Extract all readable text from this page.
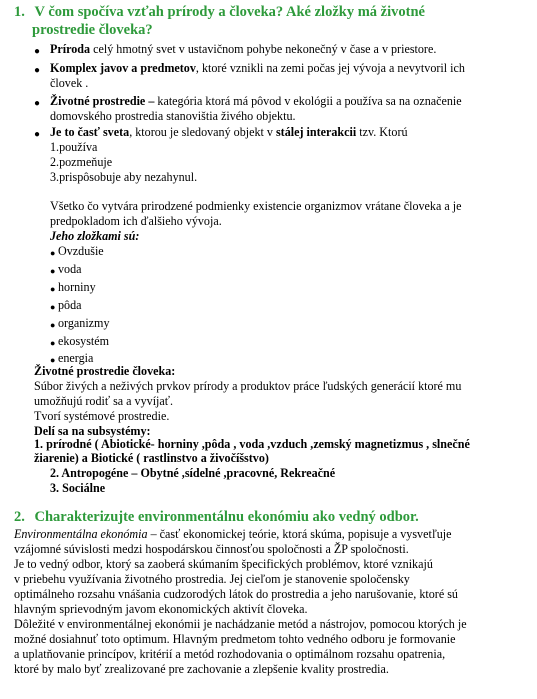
1. V čom spočíva vzťah prírody a človeka? Aké zložky má životné
prostredie človeka?
● Príroda celý hmotný svet v ustavičnom pohybe nekonečný v čase a v priestore.
● Komplex javov a predmetov, ktoré vznikli na zemi počas jej vývoja a nevytvoril ich
človek .
● Životné prostredie – kategória ktorá má pôvod v ekológii a používa sa na označenie
domovského prostredia stanovištia živého objektu.
● Je to časť sveta, ktorou je sledovaný objekt v stálej interakcii tzv. Ktorú
1.používa
2.pozmeňuje
3.prispôsobuje aby nezahynul.
Všetko čo vytvára prirodzené podmienky existencie organizmov vrátane človeka a je
predpokladom ich ďalšieho vývoja.
Jeho zložkami sú:
● Ovzdušie
● voda
● horniny
● pôda
● organizmy
● ekosystém
● energia
Životné prostredie človeka:
Súbor živých a neživých prvkov prírody a produktov práce ľudských generácií ktoré mu
umožňujú rodiť sa a vyvíjať.
Tvorí systémové prostredie.
Delí sa na subsystémy:
1. prírodné ( Abiotické- horniny ,pôda , voda ,vzduch ,zemský magnetizmus , slnečné
žiarenie) a Biotické ( rastlinstvo a živočíšstvo)
2. Antropogéne – Obytné ,sídelné ,pracovné, Rekreačné
3. Sociálne
2. Charakterizujte environmentálnu ekonómiu ako vedný odbor.
Environmentálna ekonómia – časť ekonomickej teórie, ktorá skúma, popisuje a vysvetľuje
vzájomné súvislosti medzi hospodárskou činnosťou spoločnosti a ŽP spoločnosti.
Je to vedný odbor, ktorý sa zaoberá skúmaním špecifických problémov, ktoré vznikajú
v priebehu využívania životného prostredia. Jej cieľom je stanovenie spoločensky
optimálneho rozsahu vnášania cudzorodých látok do prostredia a jeho narušovanie, ktoré sú
hlavným sprievodným javom ekonomických aktivít človeka.
Dôležité v environmentálnej ekonómii je nachádzanie metód a nástrojov, pomocou ktorých je
možné dosiahnuť toto optimum. Hlavným predmetom tohto vedného odboru je formovanie
a uplatňovanie princípov, kritérií a metód rozhodovania o optimálnom rozsahu opatrenia,
ktoré by malo byť zrealizované pre zachovanie a zlepšenie kvality prostredia.
